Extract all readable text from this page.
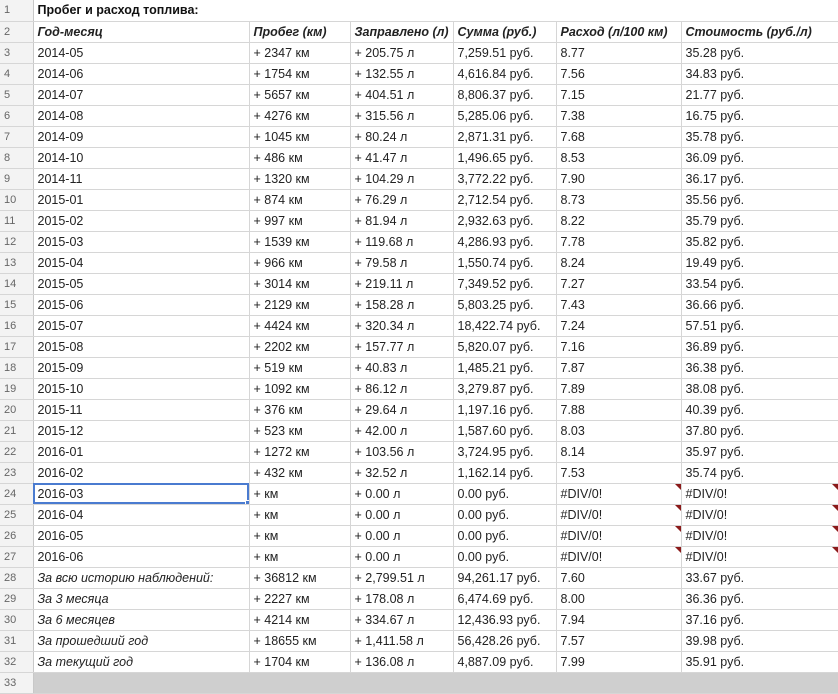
1	Пробег и расход топлива:					
2	Год-месяц	Пробег (км)	Заправлено (л)	Сумма (руб.)	Расход (л/100 км)	Стоимость (руб./л)
3	2014-05	+ 2347 км	+ 205.75 л	7,259.51 руб.	8.77	35.28 руб.
4	2014-06	+ 1754 км	+ 132.55 л	4,616.84 руб.	7.56	34.83 руб.
5	2014-07	+ 5657 км	+ 404.51 л	8,806.37 руб.	7.15	21.77 руб.
6	2014-08	+ 4276 км	+ 315.56 л	5,285.06 руб.	7.38	16.75 руб.
7	2014-09	+ 1045 км	+ 80.24 л	2,871.31 руб.	7.68	35.78 руб.
8	2014-10	+ 486 км	+ 41.47 л	1,496.65 руб.	8.53	36.09 руб.
9	2014-11	+ 1320 км	+ 104.29 л	3,772.22 руб.	7.90	36.17 руб.
10	2015-01	+ 874 км	+ 76.29 л	2,712.54 руб.	8.73	35.56 руб.
11	2015-02	+ 997 км	+ 81.94 л	2,932.63 руб.	8.22	35.79 руб.
12	2015-03	+ 1539 км	+ 119.68 л	4,286.93 руб.	7.78	35.82 руб.
13	2015-04	+ 966 км	+ 79.58 л	1,550.74 руб.	8.24	19.49 руб.
14	2015-05	+ 3014 км	+ 219.11 л	7,349.52 руб.	7.27	33.54 руб.
15	2015-06	+ 2129 км	+ 158.28 л	5,803.25 руб.	7.43	36.66 руб.
16	2015-07	+ 4424 км	+ 320.34 л	18,422.74 руб.	7.24	57.51 руб.
17	2015-08	+ 2202 км	+ 157.77 л	5,820.07 руб.	7.16	36.89 руб.
18	2015-09	+ 519 км	+ 40.83 л	1,485.21 руб.	7.87	36.38 руб.
19	2015-10	+ 1092 км	+ 86.12 л	3,279.87 руб.	7.89	38.08 руб.
20	2015-11	+ 376 км	+ 29.64 л	1,197.16 руб.	7.88	40.39 руб.
21	2015-12	+ 523 км	+ 42.00 л	1,587.60 руб.	8.03	37.80 руб.
22	2016-01	+ 1272 км	+ 103.56 л	3,724.95 руб.	8.14	35.97 руб.
23	2016-02	+ 432 км	+ 32.52 л	1,162.14 руб.	7.53	35.74 руб.
24	2016-03	+ км	+ 0.00 л	0.00 руб.	#DIV/0!	#DIV/0!
25	2016-04	+ км	+ 0.00 л	0.00 руб.	#DIV/0!	#DIV/0!
26	2016-05	+ км	+ 0.00 л	0.00 руб.	#DIV/0!	#DIV/0!
27	2016-06	+ км	+ 0.00 л	0.00 руб.	#DIV/0!	#DIV/0!
28	За всю историю наблюдений:	+ 36812 км	+ 2,799.51 л	94,261.17 руб.	7.60	33.67 руб.
29	За 3 месяца	+ 2227 км	+ 178.08 л	6,474.69 руб.	8.00	36.36 руб.
30	За 6 месяцев	+ 4214 км	+ 334.67 л	12,436.93 руб.	7.94	37.16 руб.
31	За прошедший год	+ 18655 км	+ 1,411.58 л	56,428.26 руб.	7.57	39.98 руб.
32	За текущий год	+ 1704 км	+ 136.08 л	4,887.09 руб.	7.99	35.91 руб.
33						
